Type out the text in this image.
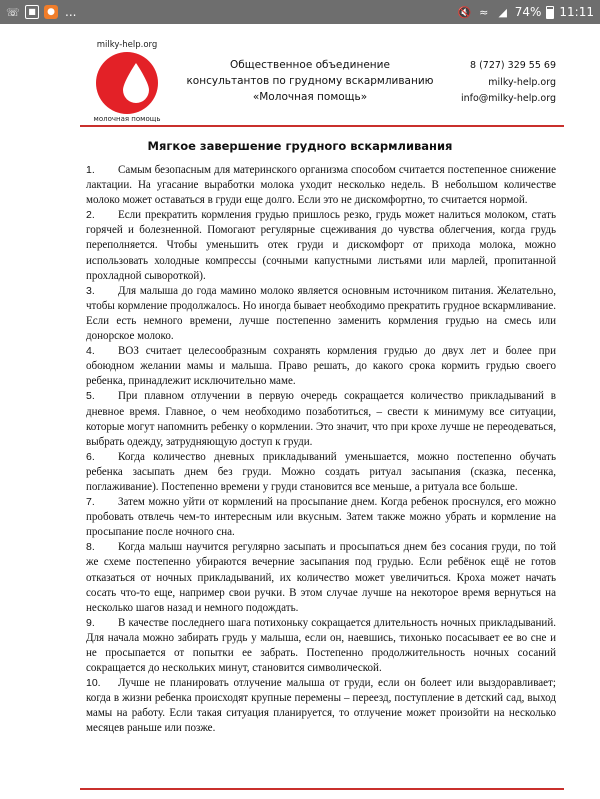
☏	■	● ...	🔇 ≈ ◢ 74% 11:11
milky-help.org
молочная помощь
Общественное объединение
консультантов по грудному вскармливанию
«Молочная помощь»
8 (727) 329 55 69
milky-help.org
info@milky-help.org
Мягкое завершение грудного вскармливания

1. Самым безопасным для материнского организма способом считается постепенное снижение лактации. На угасание выработки молока уходит несколько недель. В небольшом количестве молоко может оставаться в груди еще долго. Если это не дискомфортно, то считается нормой.

2. Если прекратить кормления грудью пришлось резко, грудь может налиться молоком, стать горячей и болезненной. Помогают регулярные сцеживания до чувства облегчения, когда грудь переполняется. Чтобы уменьшить отек груди и дискомфорт от прихода молока, можно использовать холодные компрессы (сочными капустными листьями или марлей, пропитанной прохладной сывороткой).

3. Для малыша до года мамино молоко является основным источником питания. Желательно, чтобы кормление продолжалось. Но иногда бывает необходимо прекратить грудное вскармливание. Если есть немного времени, лучше постепенно заменить кормления грудью на смесь или донорское молоко.

4. ВОЗ считает целесообразным сохранять кормления грудью до двух лет и более при обоюдном желании мамы и малыша. Право решать, до какого срока кормить грудью своего ребенка, принадлежит исключительно маме.

5. При плавном отлучении в первую очередь сокращается количество прикладываний в дневное время. Главное, о чем необходимо позаботиться, – свести к минимуму все ситуации, которые могут напомнить ребенку о кормлении. Это значит, что при крохе лучше не переодеваться, выбрать одежду, затрудняющую доступ к груди.

6. Когда количество дневных прикладываний уменьшается, можно постепенно обучать ребенка засыпать днем без груди. Можно создать ритуал засыпания (сказка, песенка, поглаживание). Постепенно времени у груди становится все меньше, а ритуала все больше.

7. Затем можно уйти от кормлений на просыпание днем. Когда ребенок проснулся, его можно пробовать отвлечь чем-то интересным или вкусным. Затем также можно убрать и кормление на просыпание после ночного сна.

8. Когда малыш научится регулярно засыпать и просыпаться днем без сосания груди, по той же схеме постепенно убираются вечерние засыпания под грудью. Если ребёнок ещё не готов отказаться от ночных прикладываний, их количество может увеличиться. Кроха может начать сосать что-то еще, например свои ручки. В этом случае лучше на некоторое время вернуться на несколько шагов назад и немного подождать.

9. В качестве последнего шага потихоньку сокращается длительность ночных прикладываний. Для начала можно забирать грудь у малыша, если он, наевшись, тихонько посасывает ее во сне и не просыпается от попытки ее забрать. Постепенно продолжительность ночных сосаний сокращается до нескольких минут, становится символической.

10. Лучше не планировать отлучение малыша от груди, если он болеет или выздоравливает; когда в жизни ребенка происходят крупные перемены – переезд, поступление в детский сад, выход мамы на работу. Если такая ситуация планируется, то отлучение может произойти на несколько месяцев раньше или позже.
